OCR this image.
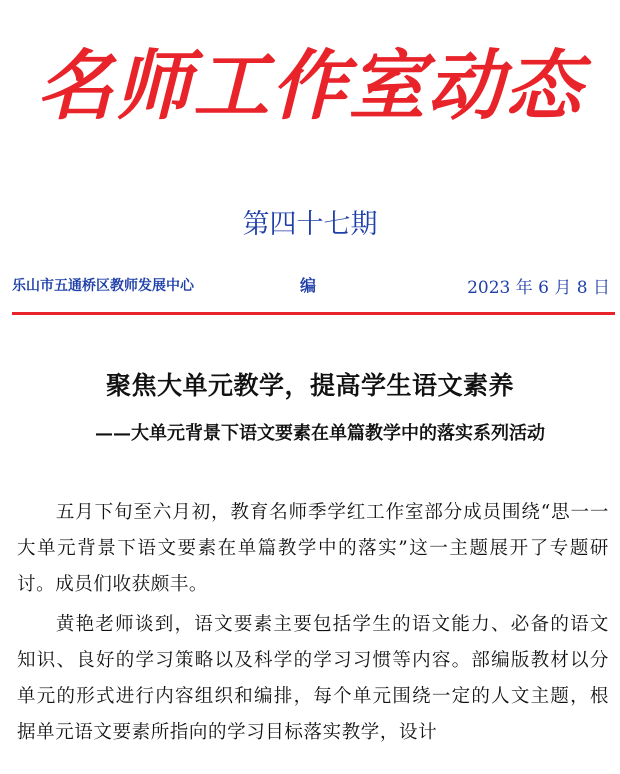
名师工作室动态
第四十七期
乐山市五通桥区教师发展中心	编	2023 年 6 月 8 日
聚焦大单元教学，提高学生语文素养
——大单元背景下语文要素在单篇教学中的落实系列活动

五月下旬至六月初，教育名师季学红工作室部分成员围绕“思一一大单元背景下语文要素在单篇教学中的落实”这一主题展开了专题研讨。成员们收获颇丰。

黄艳老师谈到，语文要素主要包括学生的语文能力、必备的语文知识、良好的学习策略以及科学的学习习惯等内容。部编版教材以分单元的形式进行内容组织和编排，每个单元围绕一定的人文主题，根据单元语文要素所指向的学习目标落实教学，设计
